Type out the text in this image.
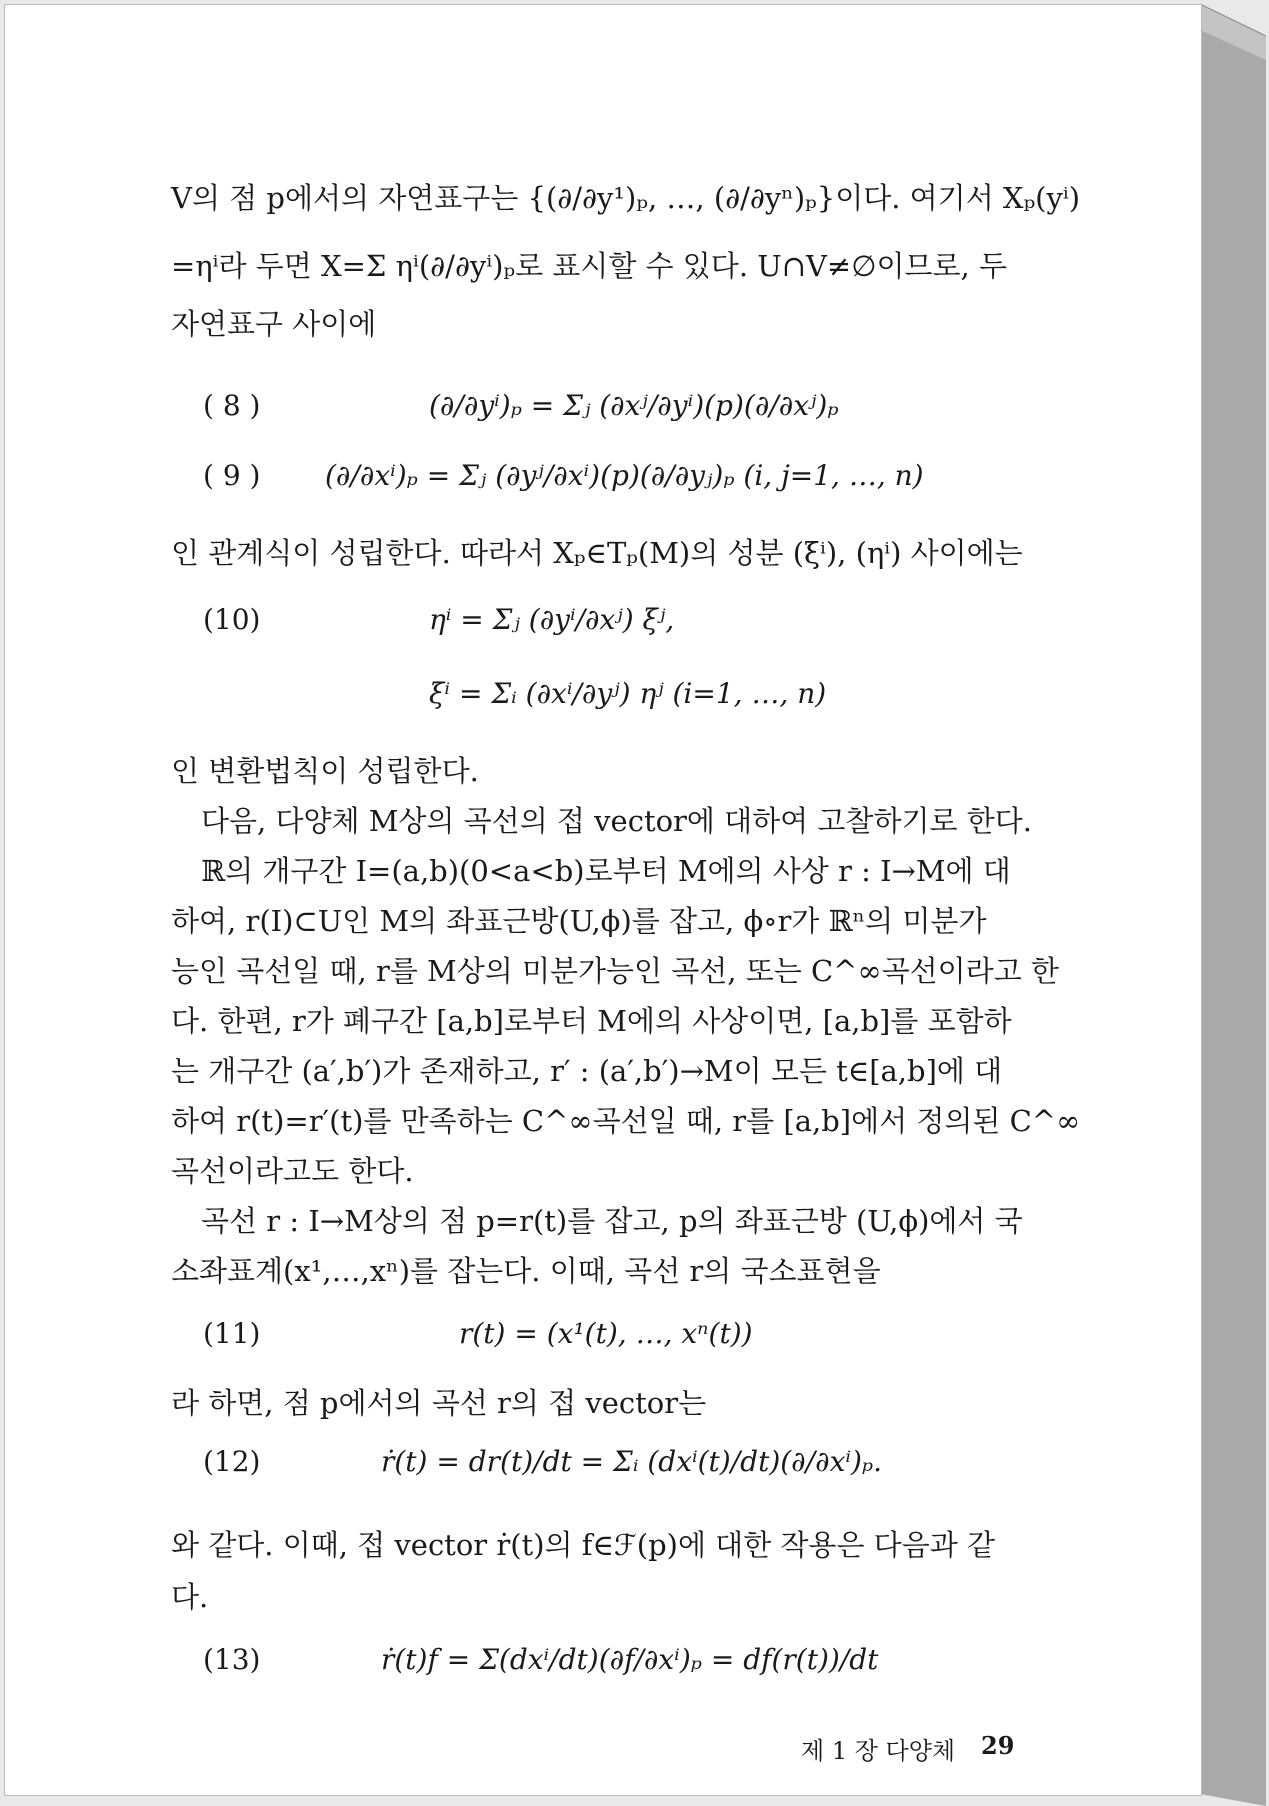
V의 점 p에서의 자연표구는 {(∂/∂y¹)ₚ, …, (∂/∂yⁿ)ₚ}이다. 여기서 Xₚ(yⁱ)
=ηⁱ라 두면 X=Σ ηⁱ(∂/∂yⁱ)ₚ로 표시할 수 있다. U∩V≠∅이므로, 두
자연표구 사이에
( 8 )	(∂/∂yⁱ)ₚ = Σⱼ (∂xʲ/∂yⁱ)(p)(∂/∂xʲ)ₚ
( 9 ) (∂/∂xⁱ)ₚ = Σⱼ (∂yʲ/∂xⁱ)(p)(∂/∂yⱼ)ₚ (i, j=1, …, n)
인 관계식이 성립한다. 따라서 Xₚ∈Tₚ(M)의 성분 (ξⁱ), (ηⁱ) 사이에는
(10)	ηⁱ = Σⱼ (∂yⁱ/∂xʲ) ξʲ,
ξⁱ = Σᵢ (∂xⁱ/∂yʲ) ηʲ (i=1, …, n)
인 변환법칙이 성립한다.
다음, 다양체 M상의 곡선의 접 vector에 대하여 고찰하기로 한다.
ℝ의 개구간 I=(a,b)(0<a<b)로부터 M에의 사상 r : I→M에 대
하여, r(I)⊂U인 M의 좌표근방(U,ϕ)를 잡고, ϕ∘r가 ℝⁿ의 미분가
능인 곡선일 때, r를 M상의 미분가능인 곡선, 또는 C^∞곡선이라고 한
다. 한편, r가 폐구간 [a,b]로부터 M에의 사상이면, [a,b]를 포함하
는 개구간 (a′,b′)가 존재하고, r′ : (a′,b′)→M이 모든 t∈[a,b]에 대
하여 r(t)=r′(t)를 만족하는 C^∞곡선일 때, r를 [a,b]에서 정의된 C^∞
곡선이라고도 한다.
곡선 r : I→M상의 점 p=r(t)를 잡고, p의 좌표근방 (U,ϕ)에서 국
소좌표계(x¹,…,xⁿ)를 잡는다. 이때, 곡선 r의 국소표현을
(11)	r(t) = (x¹(t), …, xⁿ(t))
라 하면, 점 p에서의 곡선 r의 접 vector는
(12)	ṙ(t) = dr(t)/dt = Σᵢ (dxⁱ(t)/dt)(∂/∂xⁱ)ₚ.
와 같다. 이때, 접 vector ṙ(t)의 f∈ℱ(p)에 대한 작용은 다음과 같
다.
(13)	ṙ(t)f = Σ(dxⁱ/dt)(∂f/∂xⁱ)ₚ = df(r(t))/dt
제 1 장 다양체 29
